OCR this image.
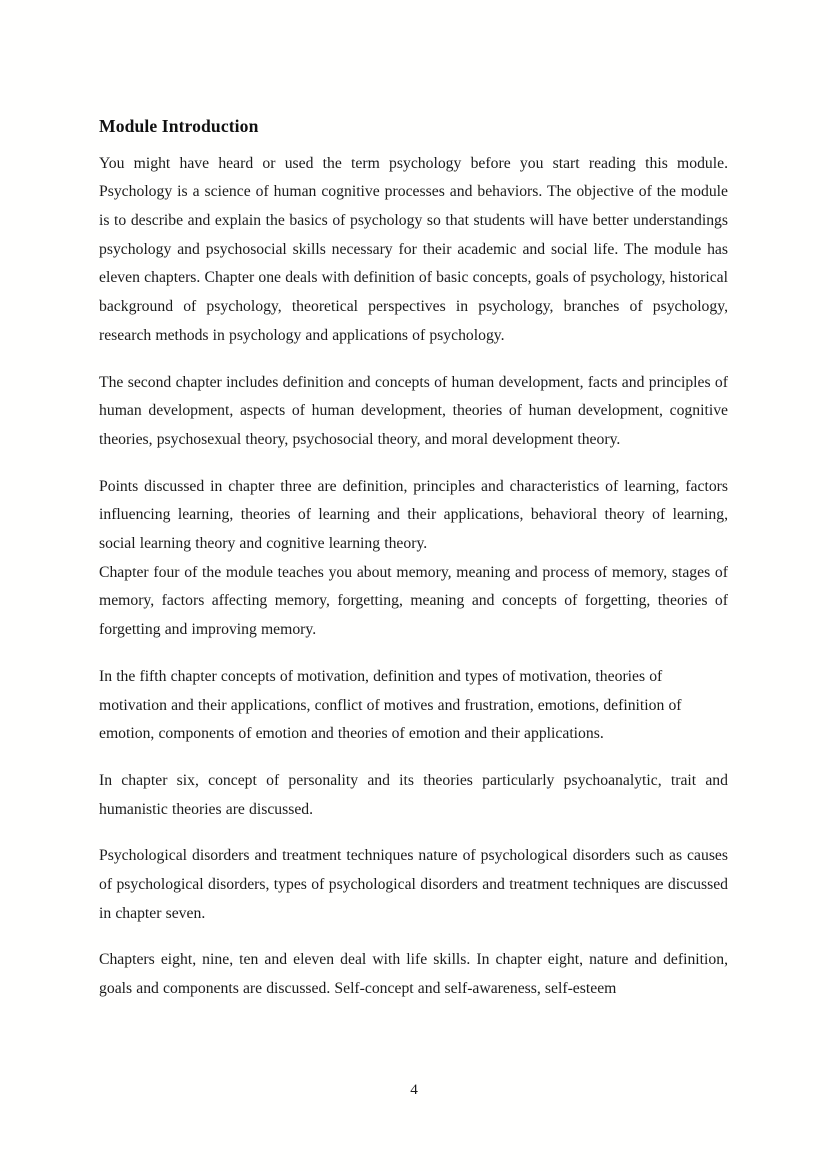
Module Introduction

You might have heard or used the term psychology before you start reading this module. Psychology is a science of human cognitive processes and behaviors. The objective of the module is to describe and explain the basics of psychology so that students will have better understandings psychology and psychosocial skills necessary for their academic and social life. The module has eleven chapters. Chapter one deals with definition of basic concepts, goals of psychology, historical background of psychology, theoretical perspectives in psychology, branches of psychology, research methods in psychology and applications of psychology.

The second chapter includes definition and concepts of human development, facts and principles of human development, aspects of human development, theories of human development, cognitive theories, psychosexual theory, psychosocial theory, and moral development theory.

Points discussed in chapter three are definition, principles and characteristics of learning, factors influencing learning, theories of learning and their applications, behavioral theory of learning, social learning theory and cognitive learning theory.

Chapter four of the module teaches you about memory, meaning and process of memory, stages of memory, factors affecting memory, forgetting, meaning and concepts of forgetting, theories of forgetting and improving memory.

In the fifth chapter concepts of motivation, definition and types of motivation, theories of motivation and their applications, conflict of motives and frustration, emotions, definition of emotion, components of emotion and theories of emotion and their applications.

In chapter six, concept of personality and its theories particularly psychoanalytic, trait and humanistic theories are discussed.

Psychological disorders and treatment techniques nature of psychological disorders such as causes of psychological disorders, types of psychological disorders and treatment techniques are discussed in chapter seven.

Chapters eight, nine, ten and eleven deal with life skills. In chapter eight, nature and definition, goals and components are discussed. Self-concept and self-awareness, self-esteem

4
